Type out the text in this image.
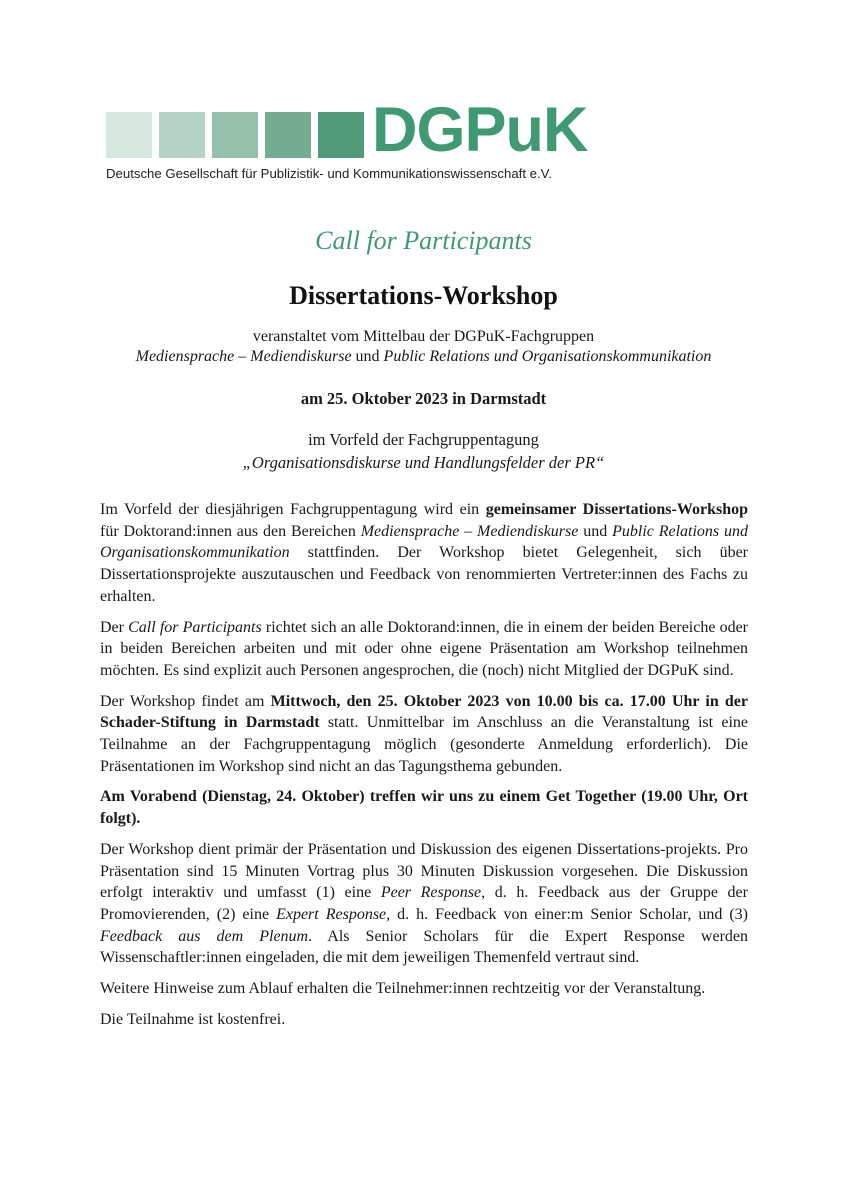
DGPuK
Deutsche Gesellschaft für Publizistik- und Kommunikationswissenschaft e.V.
Call for Participants
Dissertations-Workshop
veranstaltet vom Mittelbau der DGPuK-Fachgruppen
Mediensprache – Mediendiskurse und Public Relations und Organisationskommunikation
am 25. Oktober 2023 in Darmstadt
im Vorfeld der Fachgruppentagung
„Organisationsdiskurse und Handlungsfelder der PR“

Im Vorfeld der diesjährigen Fachgruppentagung wird ein gemeinsamer Dissertations-Workshop für Doktorand:innen aus den Bereichen Mediensprache – Mediendiskurse und Public Relations und Organisationskommunikation stattfinden. Der Workshop bietet Gelegenheit, sich über Dissertationsprojekte auszutauschen und Feedback von renommierten Vertreter:innen des Fachs zu erhalten.

Der Call for Participants richtet sich an alle Doktorand:innen, die in einem der beiden Bereiche oder in beiden Bereichen arbeiten und mit oder ohne eigene Präsentation am Workshop teilnehmen möchten. Es sind explizit auch Personen angesprochen, die (noch) nicht Mitglied der DGPuK sind.

Der Workshop findet am Mittwoch, den 25. Oktober 2023 von 10.00 bis ca. 17.00 Uhr in der Schader-Stiftung in Darmstadt statt. Unmittelbar im Anschluss an die Veranstaltung ist eine Teilnahme an der Fachgruppentagung möglich (gesonderte Anmeldung erforderlich). Die Präsentationen im Workshop sind nicht an das Tagungsthema gebunden.

Am Vorabend (Dienstag, 24. Oktober) treffen wir uns zu einem Get Together (19.00 Uhr, Ort folgt).

Der Workshop dient primär der Präsentation und Diskussion des eigenen Dissertations-projekts. Pro Präsentation sind 15 Minuten Vortrag plus 30 Minuten Diskussion vorgesehen. Die Diskussion erfolgt interaktiv und umfasst (1) eine Peer Response, d. h. Feedback aus der Gruppe der Promovierenden, (2) eine Expert Response, d. h. Feedback von einer:m Senior Scholar, und (3) Feedback aus dem Plenum. Als Senior Scholars für die Expert Response werden Wissenschaftler:innen eingeladen, die mit dem jeweiligen Themenfeld vertraut sind.

Weitere Hinweise zum Ablauf erhalten die Teilnehmer:innen rechtzeitig vor der Veranstaltung.

Die Teilnahme ist kostenfrei.
